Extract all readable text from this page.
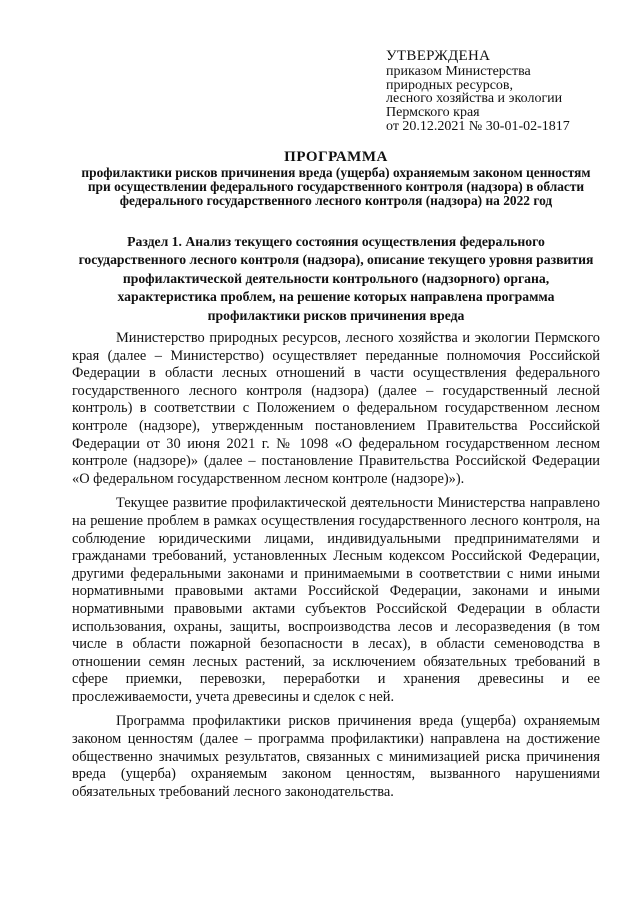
УТВЕРЖДЕНА
приказом Министерства
природных ресурсов,
лесного хозяйства и экологии
Пермского края
от 20.12.2021 № 30-01-02-1817
ПРОГРАММА
профилактики рисков причинения вреда (ущерба) охраняемым законом ценностям при осуществлении федерального государственного контроля (надзора) в области федерального государственного лесного контроля (надзора) на 2022 год
Раздел 1. Анализ текущего состояния осуществления федерального государственного лесного контроля (надзора), описание текущего уровня развития профилактической деятельности контрольного (надзорного) органа, характеристика проблем, на решение которых направлена программа профилактики рисков причинения вреда

Министерство природных ресурсов, лесного хозяйства и экологии Пермского края (далее – Министерство) осуществляет переданные полномочия Российской Федерации в области лесных отношений в части осуществления федерального государственного лесного контроля (надзора) (далее – государственный лесной контроль) в соответствии с Положением о федеральном государственном лесном контроле (надзоре), утвержденным постановлением Правительства Российской Федерации от 30 июня 2021 г. № 1098 «О федеральном государственном лесном контроле (надзоре)» (далее – постановление Правительства Российской Федерации «О федеральном государственном лесном контроле (надзоре)»).

Текущее развитие профилактической деятельности Министерства направлено на решение проблем в рамках осуществления государственного лесного контроля, на соблюдение юридическими лицами, индивидуальными предпринимателями и гражданами требований, установленных Лесным кодексом Российской Федерации, другими федеральными законами и принимаемыми в соответствии с ними иными нормативными правовыми актами Российской Федерации, законами и иными нормативными правовыми актами субъектов Российской Федерации в области использования, охраны, защиты, воспроизводства лесов и лесоразведения (в том числе в области пожарной безопасности в лесах), в области семеноводства в отношении семян лесных растений, за исключением обязательных требований в сфере приемки, перевозки, переработки и хранения древесины и ее прослеживаемости, учета древесины и сделок с ней.

Программа профилактики рисков причинения вреда (ущерба) охраняемым законом ценностям (далее – программа профилактики) направлена на достижение общественно значимых результатов, связанных с минимизацией риска причинения вреда (ущерба) охраняемым законом ценностям, вызванного нарушениями обязательных требований лесного законодательства.
